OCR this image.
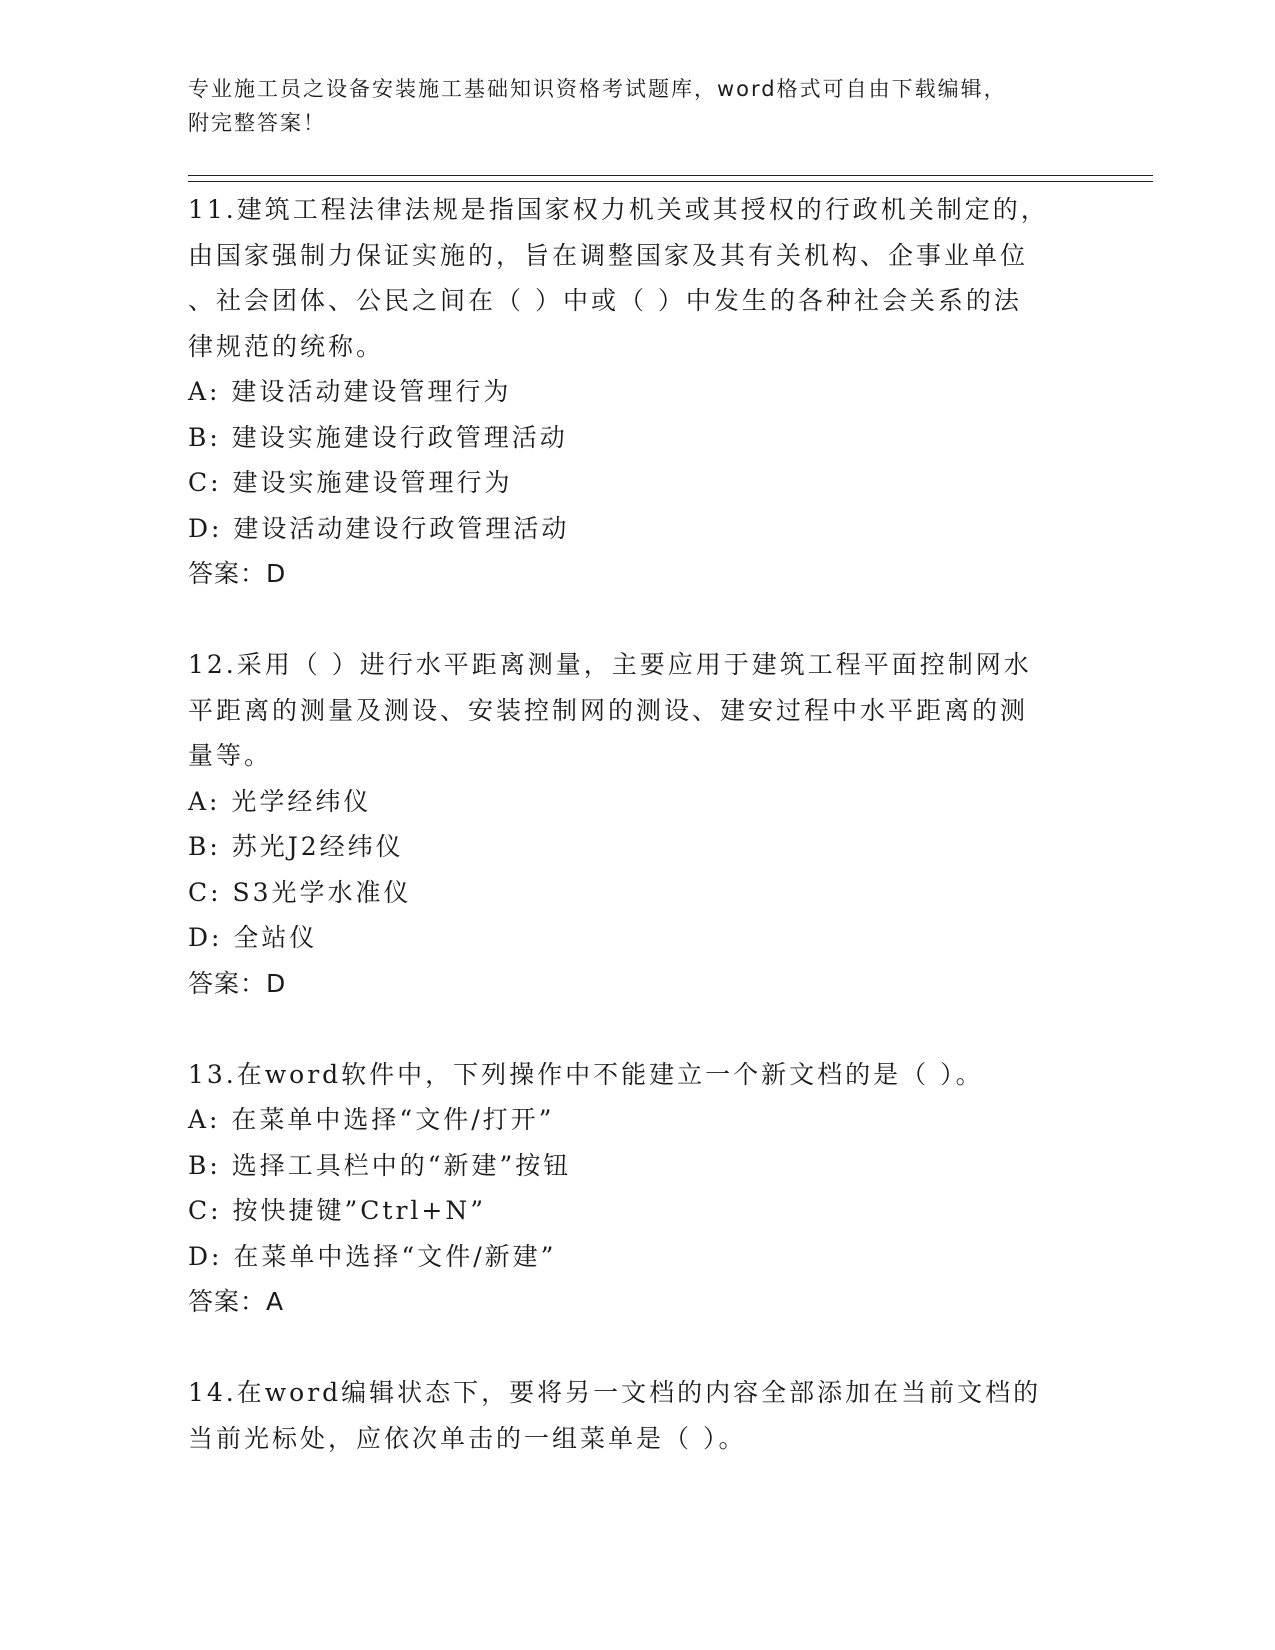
专业施工员之设备安装施工基础知识资格考试题库，word格式可自由下载编辑，
附完整答案！

11.建筑工程法律法规是指国家权力机关或其授权的行政机关制定的，

由国家强制力保证实施的，旨在调整国家及其有关机构、企事业单位

、社会团体、公民之间在（ ）中或（ ）中发生的各种社会关系的法

律规范的统称。

A: 建设活动建设管理行为

B: 建设实施建设行政管理活动

C: 建设实施建设管理行为

D: 建设活动建设行政管理活动

答案：D

12.采用（ ）进行水平距离测量，主要应用于建筑工程平面控制网水

平距离的测量及测设、安装控制网的测设、建安过程中水平距离的测

量等。

A: 光学经纬仪

B: 苏光J2经纬仪

C: S3光学水准仪

D: 全站仪

答案：D

13.在word软件中，下列操作中不能建立一个新文档的是（ ）。

A: 在菜单中选择“文件/打开”

B: 选择工具栏中的“新建”按钮

C: 按快捷键”Ctrl+N”

D: 在菜单中选择“文件/新建”

答案：A

14.在word编辑状态下，要将另一文档的内容全部添加在当前文档的

当前光标处，应依次单击的一组菜单是（ ）。
